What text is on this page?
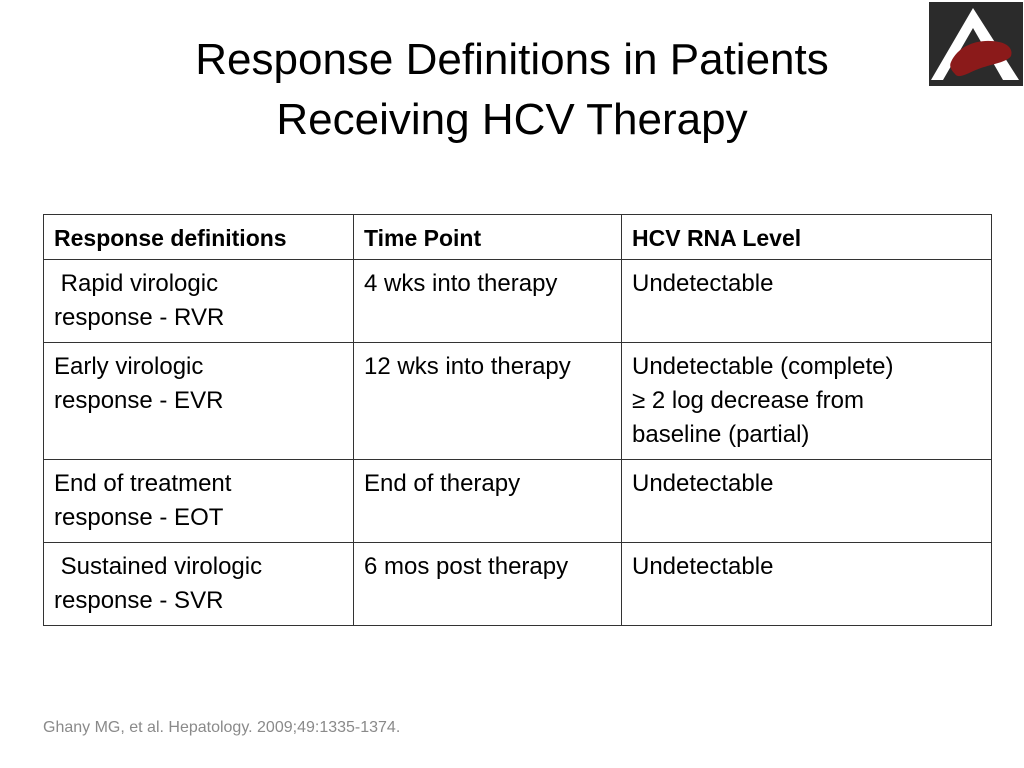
Response Definitions in Patients
Receiving HCV Therapy
Response definitions	Time Point	HCV RNA Level

Rapid virologic
response - RVR	4 wks into therapy	Undetectable

Early virologic
response - EVR	12 wks into therapy	Undetectable (complete)
≥ 2 log decrease from
baseline (partial)

End of treatment
response - EOT	End of therapy	Undetectable

Sustained virologic
response - SVR	6 mos post therapy	Undetectable
Ghany MG, et al. Hepatology. 2009;49:1335-1374.
